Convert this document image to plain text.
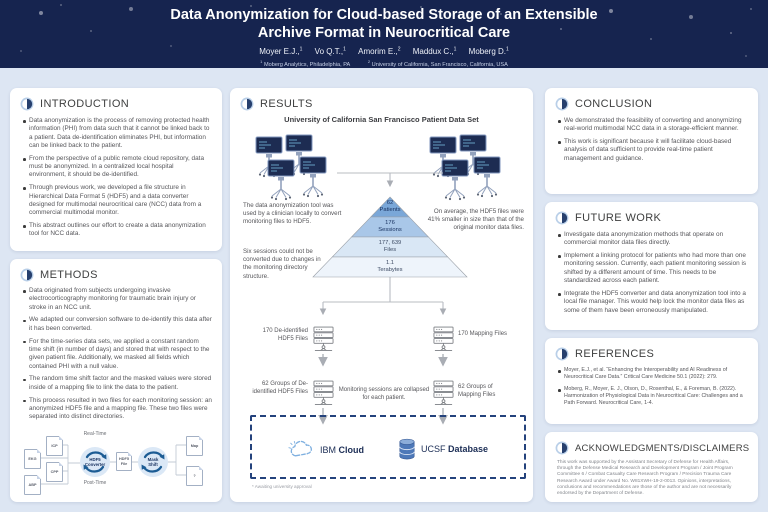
Data Anonymization for Cloud-based Storage of an Extensible
Archive Format in Neurocritical Care
Moyer E.J.,$^1$ Vo Q.T.,$^1$ Amorim E.,$^2$ Maddux C.,$^1$ Moberg D.$^1$
$^1$ Moberg Analytics, Philadelphia, PA $^2$ University of California, San Francisco, California, USA
INTRODUCTION
Data anonymization is the process of removing protected health information (PHI) from data such that it cannot be linked back to a patient. Data de-identification eliminates PHI, but information can be linked back to the patient.
From the perspective of a public remote cloud repository, data must be anonymized. In a centralized local hospital environment, it should be de-identified.
Through previous work, we developed a file structure in Hierarchical Data Format 5 (HDF5) and a data converter designed for multimodal neurocritical care (NCC) data from a commercial multimodal monitor.
This abstract outlines our effort to create a data anonymization tool for NCC data.
METHODS
Data originated from subjects undergoing invasive electrocorticography monitoring for traumatic brain injury or stroke in an NCC unit.
We adapted our conversion software to de-identify this data after it has been converted.
For the time-series data sets, we applied a constant random time shift (in number of days) and stored that with respect to the given patient file. Additionally, we masked all fields which contained PHI with a null value.
The random time shift factor and the masked values were stored inside of a mapping file to link the data to the patient.
This process resulted in two files for each monitoring session: an anonymized HDF5 file and a mapping file. These two files were separated into distinct directories.
ICP
EKG
CPP
ABP
Real-Time
Post-Time
HDF5
Converter
HDF5 File
Mask
Shift
Map
?
RESULTS
University of California San Francisco Patient Data Set
62
Patients
176
Sessions
177, 639
Files
1.1
Terabytes
The data anonymization tool was used by a clinician locally to convert monitoring files to HDF5.
Six sessions could not be converted due to changes in the monitoring directory structure.
On average, the HDF5 files were 41% smaller in size than that of the original monitor data files.
170 De-identified HDF5 Files
170 Mapping Files
62 Groups of De-identified HDF5 Files	Monitoring sessions are collapsed for each patient.
62 Groups of Mapping Files
IBM Cloud	UCSF Database
* Awaiting university approval
CONCLUSION
We demonstrated the feasibility of converting and anonymizing real-world multimodal NCC data in a storage-efficient manner.
This work is significant because it will facilitate cloud-based analysis of data sufficient to provide real-time patient management and guidance.
FUTURE WORK
Investigate data anonymization methods that operate on commercial monitor data files directly.
Implement a linking protocol for patients who had more than one monitoring session. Currently, each patient monitoring session is shifted by a different amount of time. This needs to be standardized across each patient.
Integrate the HDF5 converter and data anonymization tool into a local file manager. This would help lock the monitor data files as some of them have been erroneously manipulated.
REFERENCES
Moyer, E.J., et al. “Enhancing the Interoperability and AI Readiness of Neurocritical Care Data.” Critical Care Medicine 50.1 (2022): 279.
Moberg, R., Moyer, E. J., Olson, D., Rosenthal, E., & Foreman, B. (2022). Harmonization of Physiological Data in Neurocritical Care: Challenges and a Path Forward. Neurocritical Care, 1-4.
ACKNOWLEDGMENTS/DISCLAIMERS
This work was supported by the Assistant Secretary of Defense for Health Affairs, through the Defense Medical Research and Development Program / Joint Program Committee 6 / Combat Casualty Care Research Program / Precision Trauma Care Research Award under Award No. W81XWH-19-2-0013. Opinions, interpretations, conclusions and recommendations are those of the author and are not necessarily endorsed by the Department of Defense.
